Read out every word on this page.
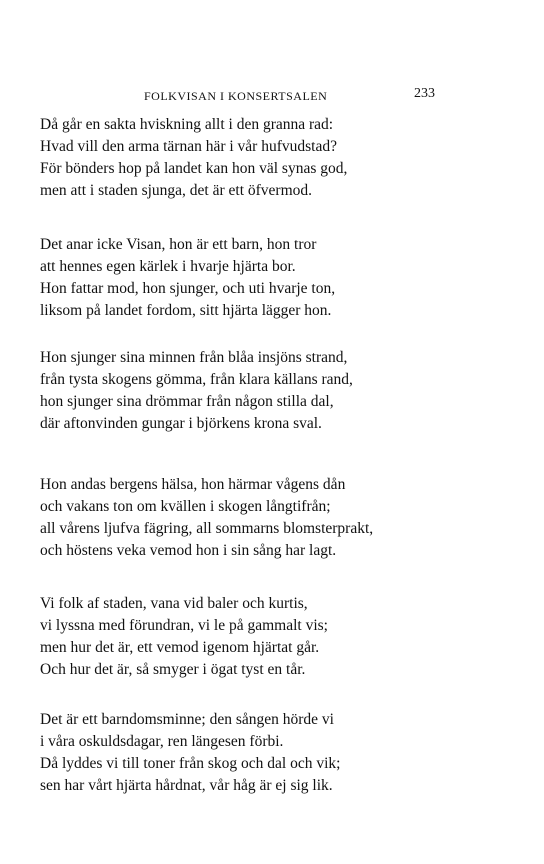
FOLKVISAN I KONSERTSALEN	233
Då går en sakta hviskning allt i den granna rad:
Hvad vill den arma tärnan här i vår hufvudstad?
För bönders hop på landet kan hon väl synas god,
men att i staden sjunga, det är ett öfvermod.
Det anar icke Visan, hon är ett barn, hon tror
att hennes egen kärlek i hvarje hjärta bor.
Hon fattar mod, hon sjunger, och uti hvarje ton,
liksom på landet fordom, sitt hjärta lägger hon.
Hon sjunger sina minnen från blåa insjöns strand,
från tysta skogens gömma, från klara källans rand,
hon sjunger sina drömmar från någon stilla dal,
där aftonvinden gungar i björkens krona sval.
Hon andas bergens hälsa, hon härmar vågens dån
och vakans ton om kvällen i skogen långtifrån;
all vårens ljufva fägring, all sommarns blomsterprakt,
och höstens veka vemod hon i sin sång har lagt.
Vi folk af staden, vana vid baler och kurtis,
vi lyssna med förundran, vi le på gammalt vis;
men hur det är, ett vemod igenom hjärtat går.
Och hur det är, så smyger i ögat tyst en tår.
Det är ett barndomsminne; den sången hörde vi
i våra oskuldsdagar, ren längesen förbi.
Då lyddes vi till toner från skog och dal och vik;
sen har vårt hjärta hårdnat, vår håg är ej sig lik.
